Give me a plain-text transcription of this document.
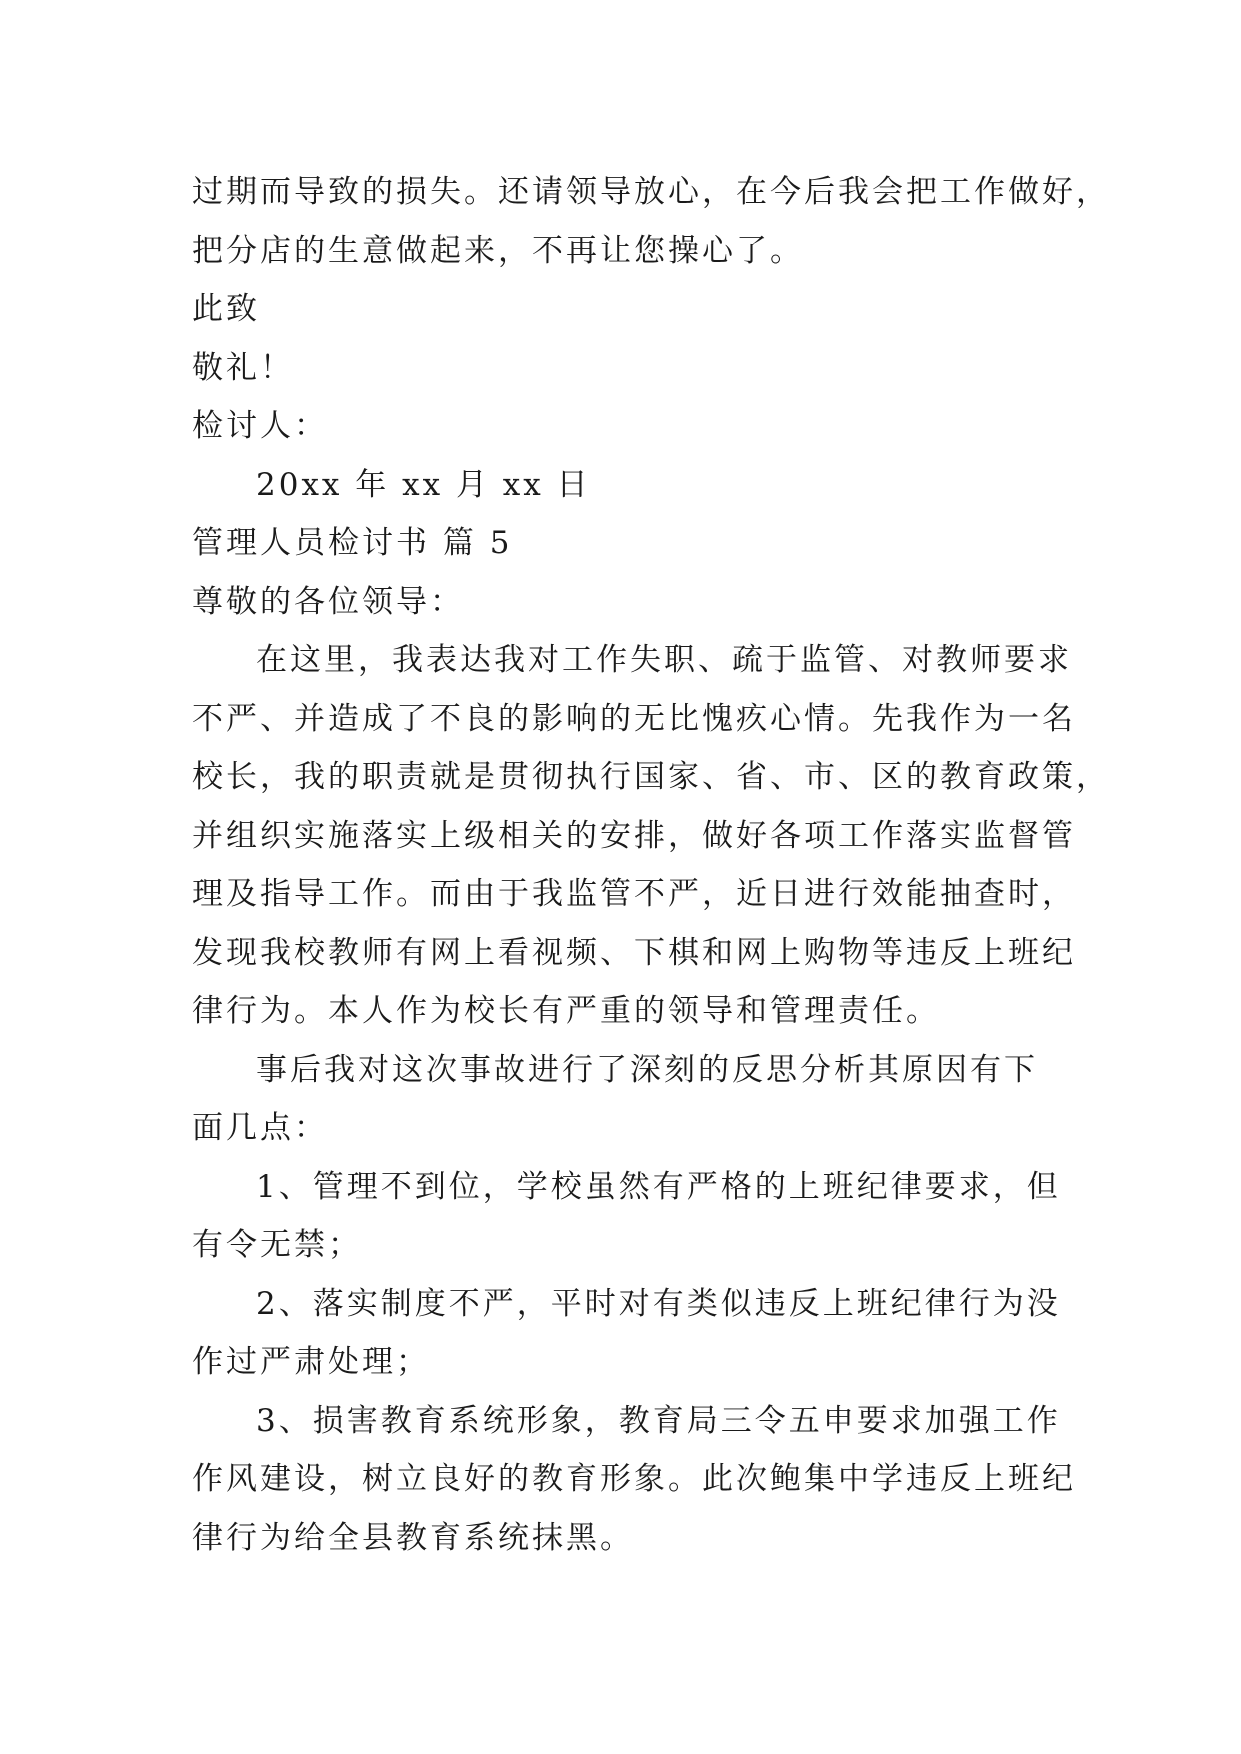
过期而导致的损失。还请领导放心，在今后我会把工作做好，
把分店的生意做起来，不再让您操心了。
此致
敬礼！
检讨人：
20xx 年 xx 月 xx 日
管理人员检讨书 篇 5
尊敬的各位领导：
在这里，我表达我对工作失职、疏于监管、对教师要求
不严、并造成了不良的影响的无比愧疚心情。先我作为一名
校长，我的职责就是贯彻执行国家、省、市、区的教育政策，
并组织实施落实上级相关的安排，做好各项工作落实监督管
理及指导工作。而由于我监管不严，近日进行效能抽查时，
发现我校教师有网上看视频、下棋和网上购物等违反上班纪
律行为。本人作为校长有严重的领导和管理责任。
事后我对这次事故进行了深刻的反思分析其原因有下
面几点：
1、管理不到位，学校虽然有严格的上班纪律要求，但
有令无禁；
2、落实制度不严，平时对有类似违反上班纪律行为没
作过严肃处理；
3、损害教育系统形象，教育局三令五申要求加强工作
作风建设，树立良好的教育形象。此次鲍集中学违反上班纪
律行为给全县教育系统抹黑。
